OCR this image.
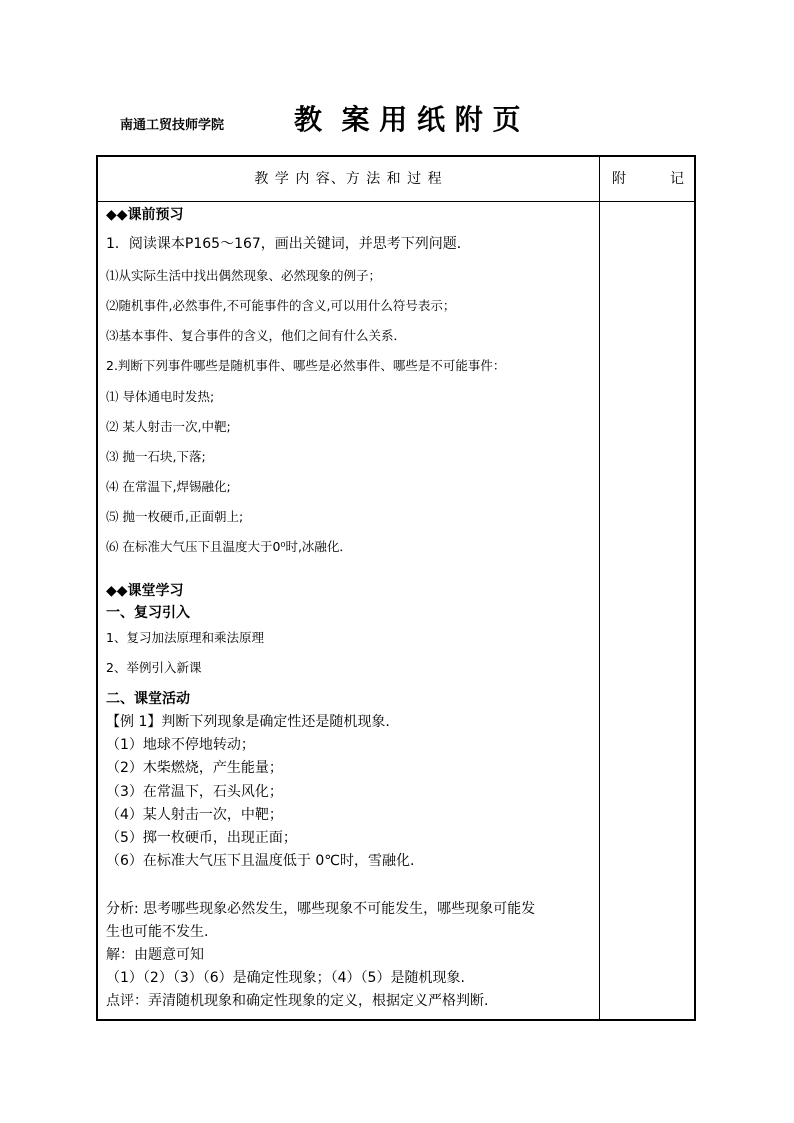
南通工贸技师学院 教  案 用 纸 附 页
教 学 内 容、方 法 和 过 程	附	记
◆◆课前预习
1．阅读课本P165～167，画出关键词，并思考下列问题．
⑴从实际生活中找出偶然现象、必然现象的例子；
⑵随机事件,必然事件,不可能事件的含义,可以用什么符号表示；
⑶基本事件、复合事件的含义，他们之间有什么关系．
2.判断下列事件哪些是随机事件、哪些是必然事件、哪些是不可能事件：
⑴ 导体通电时发热;
⑵ 某人射击一次,中靶;
⑶ 抛一石块,下落;
⑷ 在常温下,焊锡融化;
⑸ 抛一枚硬币,正面朝上;
⑹ 在标准大气压下且温度大于0⁰时,冰融化．
◆◆课堂学习
一、复习引入
1、复习加法原理和乘法原理
2、举例引入新课
二、课堂活动
【例 1】判断下列现象是确定性还是随机现象.
（1）地球不停地转动；
（2）木柴燃烧，产生能量；
（3）在常温下，石头风化；
（4）某人射击一次，中靶；
（5）掷一枚硬币，出现正面；
（6）在标准大气压下且温度低于 0℃时，雪融化.
分析: 思考哪些现象必然发生，哪些现象不可能发生，哪些现象可能发
生也可能不发生.
解：由题意可知
（1）（2）（3）（6）是确定性现象；（4）（5）是随机现象.
点评：弄清随机现象和确定性现象的定义，根据定义严格判断.
